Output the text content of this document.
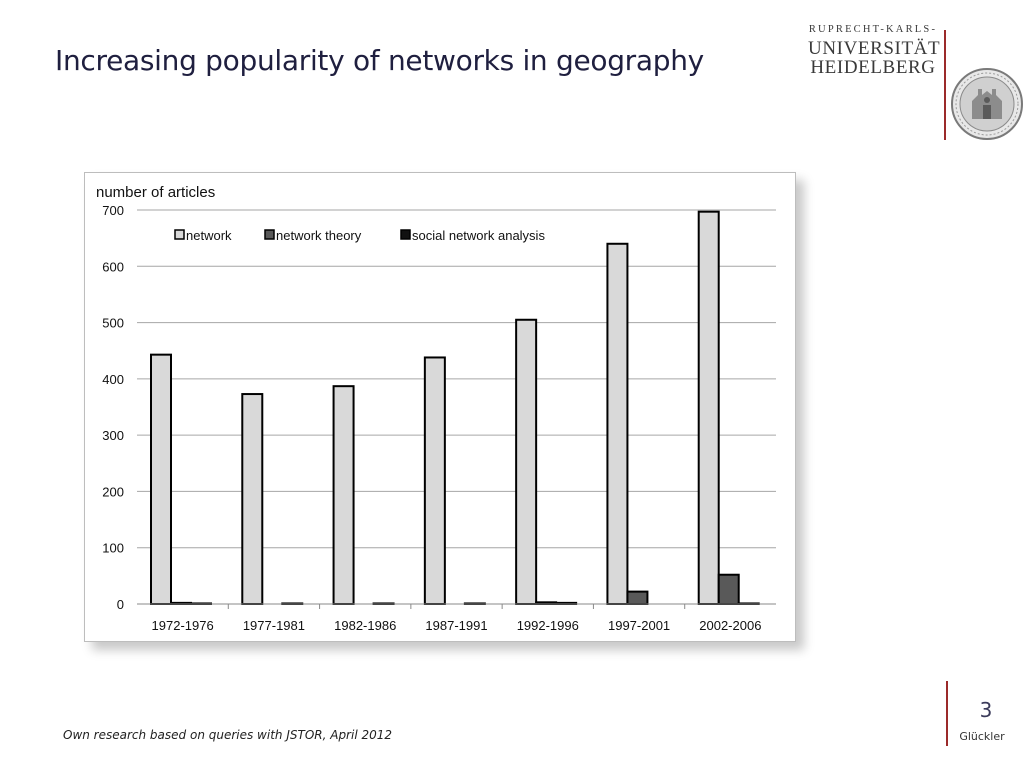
Increasing popularity of networks in geography
RUPRECHT-KARLS-
UNIVERSITÄT
HEIDELBERG
number of articles
0
100
200
300
400
500
600
700
1972-1976 1977-1981 1982-1986 1987-1991 1992-1996 1997-2001 2002-2006
network	network theory	social network analysis
Own research based on queries with JSTOR, April 2012
3
Glückler
